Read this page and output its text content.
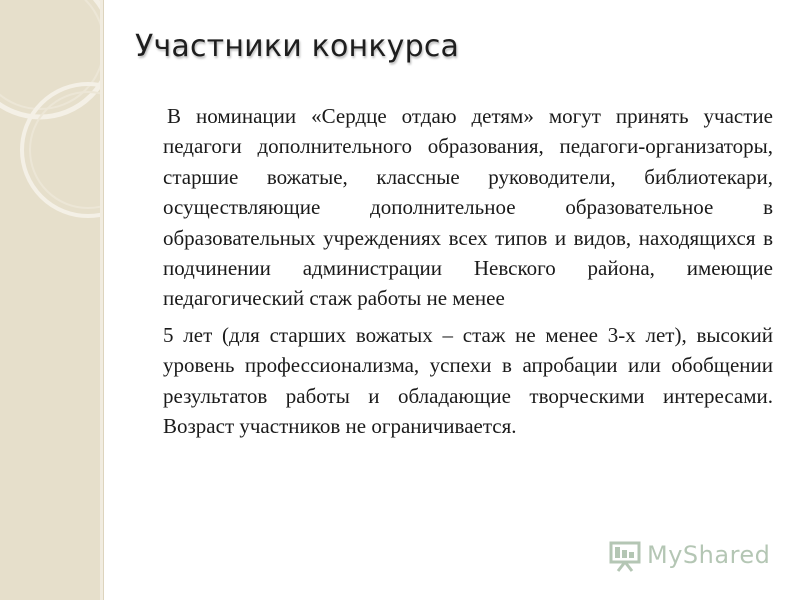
Участники конкурса

В номинации «Сердце отдаю детям» могут принять участие педагоги дополнительного образования, педагоги-организаторы, старшие вожатые, классные руководители, библиотекари, осуществляющие дополнительное образовательное в образовательных учреждениях всех типов и видов, находящихся в подчинении администрации Невского района, имеющие педагогический стаж работы не менее

5 лет (для старших вожатых – стаж не менее 3-х лет), высокий уровень профессионализма, успехи в апробации или обобщении результатов работы и обладающие творческими интересами. Возраст участников не ограничивается.

MyShared
